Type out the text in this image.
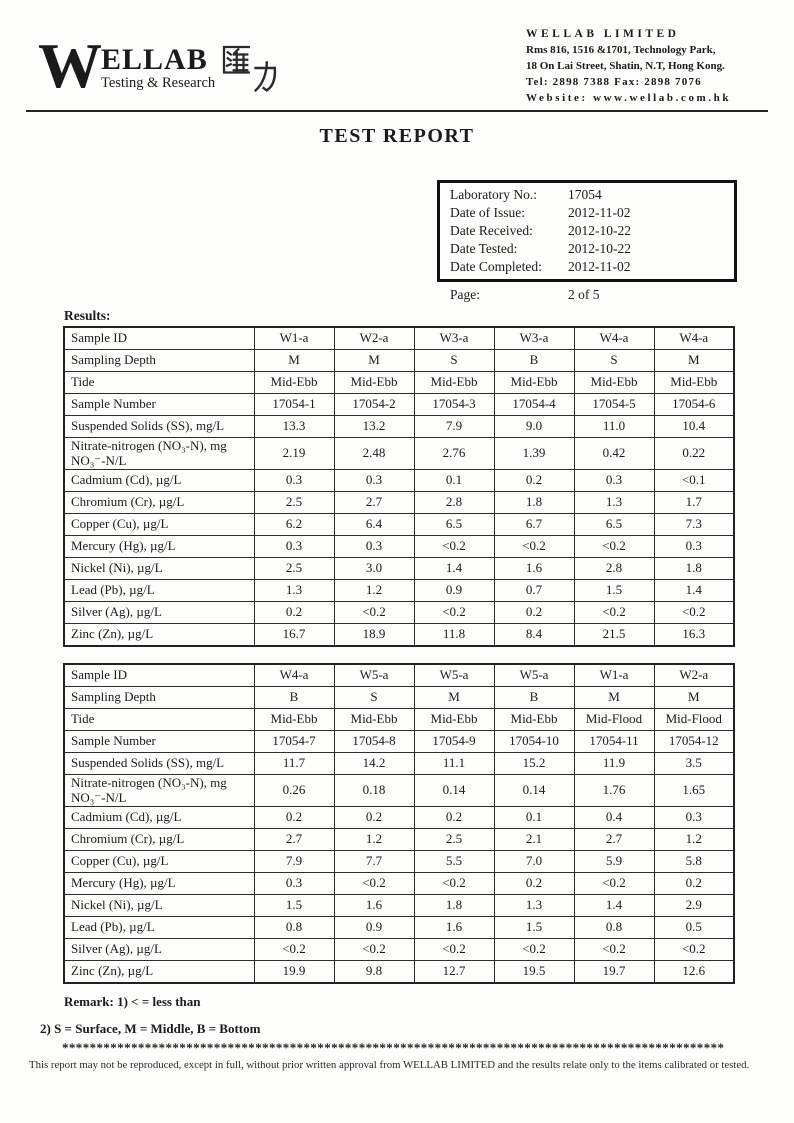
W ELLAB
Testing & Research
WELLAB LIMITED
Rms 816, 1516 &1701, Technology Park,
18 On Lai Street, Shatin, N.T, Hong Kong.
Tel: 2898 7388 Fax: 2898 7076
Website: www.wellab.com.hk
TEST REPORT
Laboratory No.:	17054
Date of Issue:	2012-11-02
Date Received:	2012-10-22
Date Tested:	2012-10-22
Date Completed:	2012-11-02
Page:	2 of 5
Results:
Sample ID	W1-a	W2-a	W3-a	W3-a	W4-a	W4-a
Sampling Depth	M	M	S	B	S	M
Tide	Mid-Ebb	Mid-Ebb	Mid-Ebb	Mid-Ebb	Mid-Ebb	Mid-Ebb
Sample Number	17054-1	17054-2	17054-3	17054-4	17054-5	17054-6
Suspended Solids (SS), mg/L	13.3	13.2	7.9	9.0	11.0	10.4
Nitrate-nitrogen (NO₃-N), mg NO₃⁻-N/L	2.19	2.48	2.76	1.39	0.42	0.22
Cadmium (Cd), µg/L	0.3	0.3	0.1	0.2	0.3	<0.1
Chromium (Cr), µg/L	2.5	2.7	2.8	1.8	1.3	1.7
Copper (Cu), µg/L	6.2	6.4	6.5	6.7	6.5	7.3
Mercury (Hg), µg/L	0.3	0.3	<0.2	<0.2	<0.2	0.3
Nickel (Ni), µg/L	2.5	3.0	1.4	1.6	2.8	1.8
Lead (Pb), µg/L	1.3	1.2	0.9	0.7	1.5	1.4
Silver (Ag), µg/L	0.2	<0.2	<0.2	0.2	<0.2	<0.2
Zinc (Zn), µg/L	16.7	18.9	11.8	8.4	21.5	16.3
Sample ID	W4-a	W5-a	W5-a	W5-a	W1-a	W2-a
Sampling Depth	B	S	M	B	M	M
Tide	Mid-Ebb	Mid-Ebb	Mid-Ebb	Mid-Ebb	Mid-Flood	Mid-Flood
Sample Number	17054-7	17054-8	17054-9	17054-10	17054-11	17054-12
Suspended Solids (SS), mg/L	11.7	14.2	11.1	15.2	11.9	3.5
Nitrate-nitrogen (NO₃-N), mg NO₃⁻-N/L	0.26	0.18	0.14	0.14	1.76	1.65
Cadmium (Cd), µg/L	0.2	0.2	0.2	0.1	0.4	0.3
Chromium (Cr), µg/L	2.7	1.2	2.5	2.1	2.7	1.2
Copper (Cu), µg/L	7.9	7.7	5.5	7.0	5.9	5.8
Mercury (Hg), µg/L	0.3	<0.2	<0.2	0.2	<0.2	0.2
Nickel (Ni), µg/L	1.5	1.6	1.8	1.3	1.4	2.9
Lead (Pb), µg/L	0.8	0.9	1.6	1.5	0.8	0.5
Silver (Ag), µg/L	<0.2	<0.2	<0.2	<0.2	<0.2	<0.2
Zinc (Zn), µg/L	19.9	9.8	12.7	19.5	19.7	12.6
Remark: 1) < = less than
2) S = Surface, M = Middle, B = Bottom
************************************************************************************************
This report may not be reproduced, except in full, without prior written approval from WELLAB LIMITED and the results relate only to the items calibrated or tested.
